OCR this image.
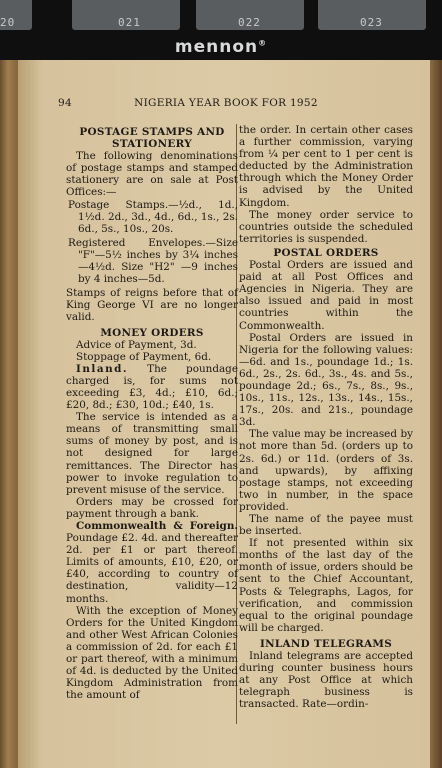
20	021	022	023
mennon®
NIGERIA YEAR BOOK FOR 1952
94
POSTAGE STAMPS AND STATIONERY

The following denominations of postage stamps and stamped stationery are on sale at Post Offices:—

Postage Stamps.—½d., 1d., 1½d. 2d., 3d., 4d., 6d., 1s., 2s. 6d., 5s., 10s., 20s.

Registered Envelopes.—Size "F"—5½ inches by 3¼ inches—4½d. Size "H2" —9 inches by 4 inches—5d.

Stamps of reigns before that of King George VI are no longer valid.

MONEY ORDERS

Advice of Payment, 3d.

Stoppage of Payment, 6d.

Inland. The poundage charged is, for sums not exceeding £3, 4d.; £10, 6d.; £20, 8d.; £30, 10d.; £40, 1s.

The service is intended as a means of transmitting small sums of money by post, and is not designed for large remittances. The Director has power to invoke regulation to prevent misuse of the service.

Orders may be crossed for payment through a bank.

Commonwealth & Foreign. Poundage £2. 4d. and thereafter 2d. per £1 or part thereof. Limits of amounts, £10, £20, or £40, according to country of destination, validity—12 months.

With the exception of Money Orders for the United Kingdom and other West African Colonies a commission of 2d. for each £1 or part thereof, with a minimum of 4d. is deducted by the United Kingdom Administration from the amount of

the order. In certain other cases a further commission, varying from ¼ per cent to 1 per cent is deducted by the Administration through which the Money Order is advised by the United Kingdom.

The money order service to countries outside the scheduled territories is suspended.

POSTAL ORDERS

Postal Orders are issued and paid at all Post Offices and Agencies in Nigeria. They are also issued and paid in most countries within the Commonwealth.

Postal Orders are issued in Nigeria for the following values:—6d. and 1s., poundage 1d.; 1s. 6d., 2s., 2s. 6d., 3s., 4s. and 5s., poundage 2d.; 6s., 7s., 8s., 9s., 10s., 11s., 12s., 13s., 14s., 15s., 17s., 20s. and 21s., poundage 3d.

The value may be increased by not more than 5d. (orders up to 2s. 6d.) or 11d. (orders of 3s. and upwards), by affixing postage stamps, not exceeding two in number, in the space provided.

The name of the payee must be inserted.

If not presented within six months of the last day of the month of issue, orders should be sent to the Chief Accountant, Posts & Telegraphs, Lagos, for verification, and commission equal to the original poundage will be charged.

INLAND TELEGRAMS

Inland telegrams are accepted during counter business hours at any Post Office at which telegraph business is transacted. Rate—ordin-
